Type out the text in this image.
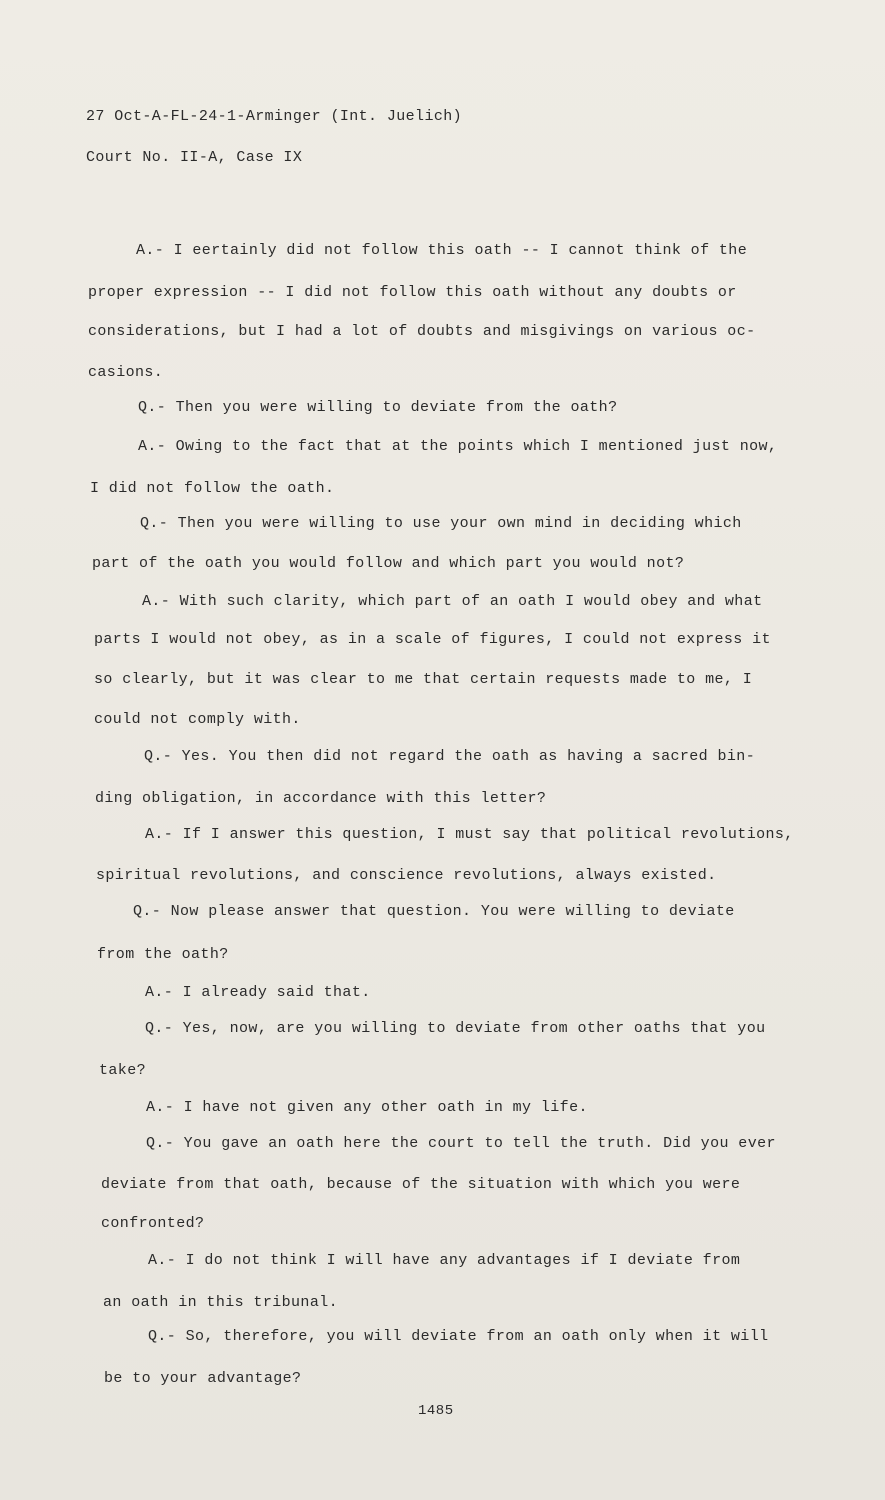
27 Oct-A-FL-24-1-Arminger (Int. Juelich)
Court No. II-A, Case IX
A.- I eertainly did not follow this oath -- I cannot think of the
proper expression -- I did not follow this oath without any doubts or
considerations, but I had a lot of doubts and misgivings on various oc-
casions.
Q.- Then you were willing to deviate from the oath?
A.- Owing to the fact that at the points which I mentioned just now,
I did not follow the oath.
Q.- Then you were willing to use your own mind in deciding which
part of the oath you would follow and which part you would not?
A.- With such clarity, which part of an oath I would obey and what
parts I would not obey, as in a scale of figures, I could not express it
so clearly, but it was clear to me that certain requests made to me, I
could not comply with.
Q.- Yes. You then did not regard the oath as having a sacred bin-
ding obligation, in accordance with this letter?
A.- If I answer this question, I must say that political revolutions,
spiritual revolutions, and conscience revolutions, always existed.
Q.- Now please answer that question. You were willing to deviate
from the oath?
A.- I already said that.
Q.- Yes, now, are you willing to deviate from other oaths that you
take?
A.- I have not given any other oath in my life.
Q.- You gave an oath here the court to tell the truth. Did you ever
deviate from that oath, because of the situation with which you were
confronted?
A.- I do not think I will have any advantages if I deviate from
an oath in this tribunal.
Q.- So, therefore, you will deviate from an oath only when it will
be to your advantage?
1485
